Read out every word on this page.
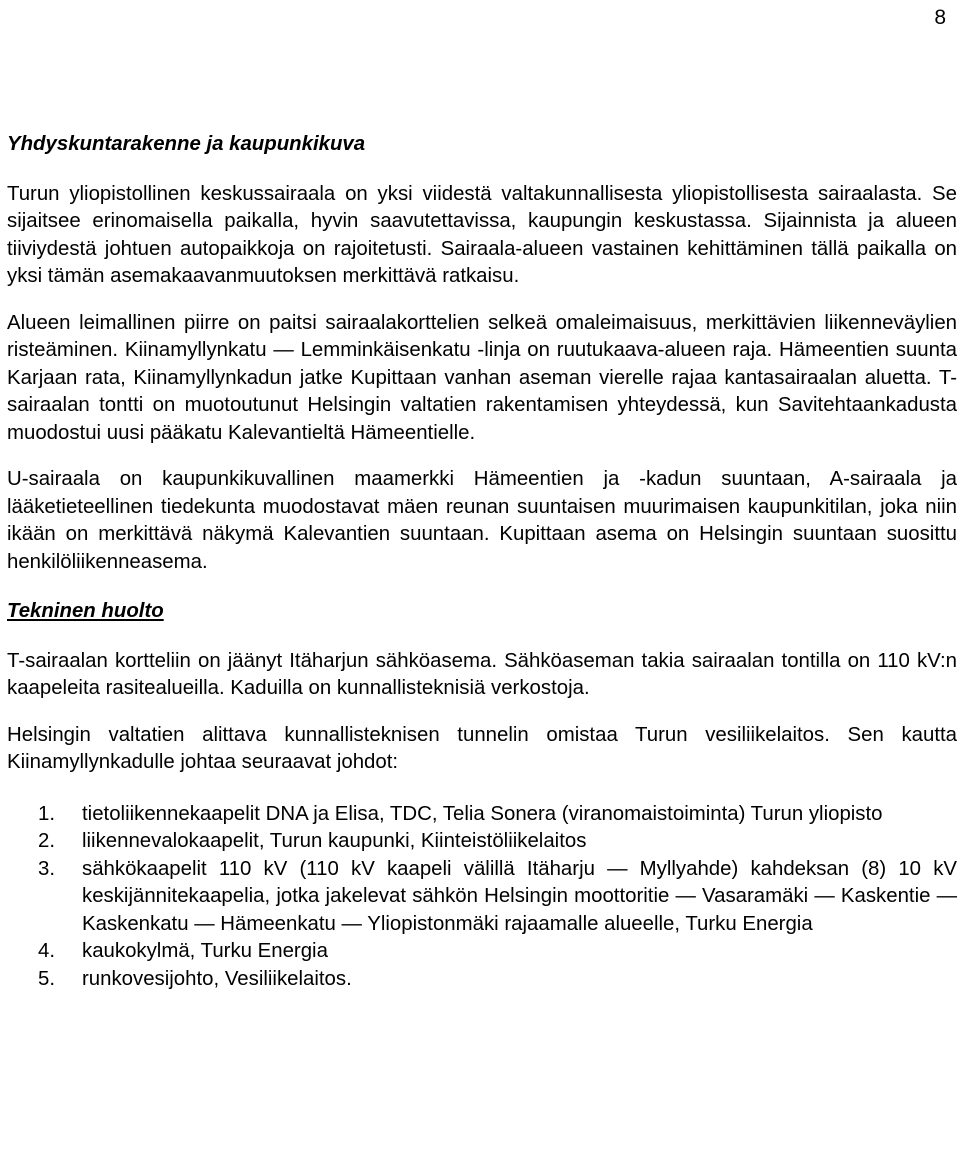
8
Yhdyskuntarakenne ja kaupunkikuva

Turun yliopistollinen keskussairaala on yksi viidestä valtakunnallisesta yliopistollisesta sairaalasta. Se sijaitsee erinomaisella paikalla, hyvin saavutettavissa, kaupungin keskustassa. Sijainnista ja alueen tiiviydestä johtuen autopaikkoja on rajoitetusti. Sairaala-alueen vastainen kehittäminen tällä paikalla on yksi tämän asemakaavanmuutoksen merkittävä ratkaisu.

Alueen leimallinen piirre on paitsi sairaalakorttelien selkeä omaleimaisuus, merkittävien liikenneväylien risteäminen. Kiinamyllynkatu — Lemminkäisenkatu -linja on ruutukaava-alueen raja. Hämeentien suunta Karjaan rata, Kiinamyllynkadun jatke Kupittaan vanhan aseman vierelle rajaa kantasairaalan aluetta. T-sairaalan tontti on muotoutunut Helsingin valtatien rakentamisen yhteydessä, kun Savitehtaankadusta muodostui uusi pääkatu Kalevantieltä Hämeentielle.

U-sairaala on kaupunkikuvallinen maamerkki Hämeentien ja -kadun suuntaan, A-sairaala ja lääketieteellinen tiedekunta muodostavat mäen reunan suuntaisen muurimaisen kaupunkitilan, joka niin ikään on merkittävä näkymä Kalevantien suuntaan. Kupittaan asema on Helsingin suuntaan suosittu henkilöliikenneasema.

Tekninen huolto

T-sairaalan kortteliin on jäänyt Itäharjun sähköasema. Sähköaseman takia sairaalan tontilla on 110 kV:n kaapeleita rasitealueilla. Kaduilla on kunnallisteknisiä verkostoja.

Helsingin valtatien alittava kunnallisteknisen tunnelin omistaa Turun vesiliikelaitos. Sen kautta Kiinamyllynkadulle johtaa seuraavat johdot:

1.	tietoliikennekaapelit DNA ja Elisa, TDC, Telia Sonera (viranomaistoiminta) Turun yliopisto
2.	liikennevalokaapelit, Turun kaupunki, Kiinteistöliikelaitos
3.	sähkökaapelit 110 kV (110 kV kaapeli välillä Itäharju — Myllyahde) kahdeksan (8) 10 kV keskijännitekaapelia, jotka jakelevat sähkön Helsingin moottoritie — Vasaramäki — Kaskentie — Kaskenkatu — Hämeenkatu — Yliopistonmäki rajaamalle alueelle, Turku Energia
4.	kaukokylmä, Turku Energia
5.	runkovesijohto, Vesiliikelaitos.
